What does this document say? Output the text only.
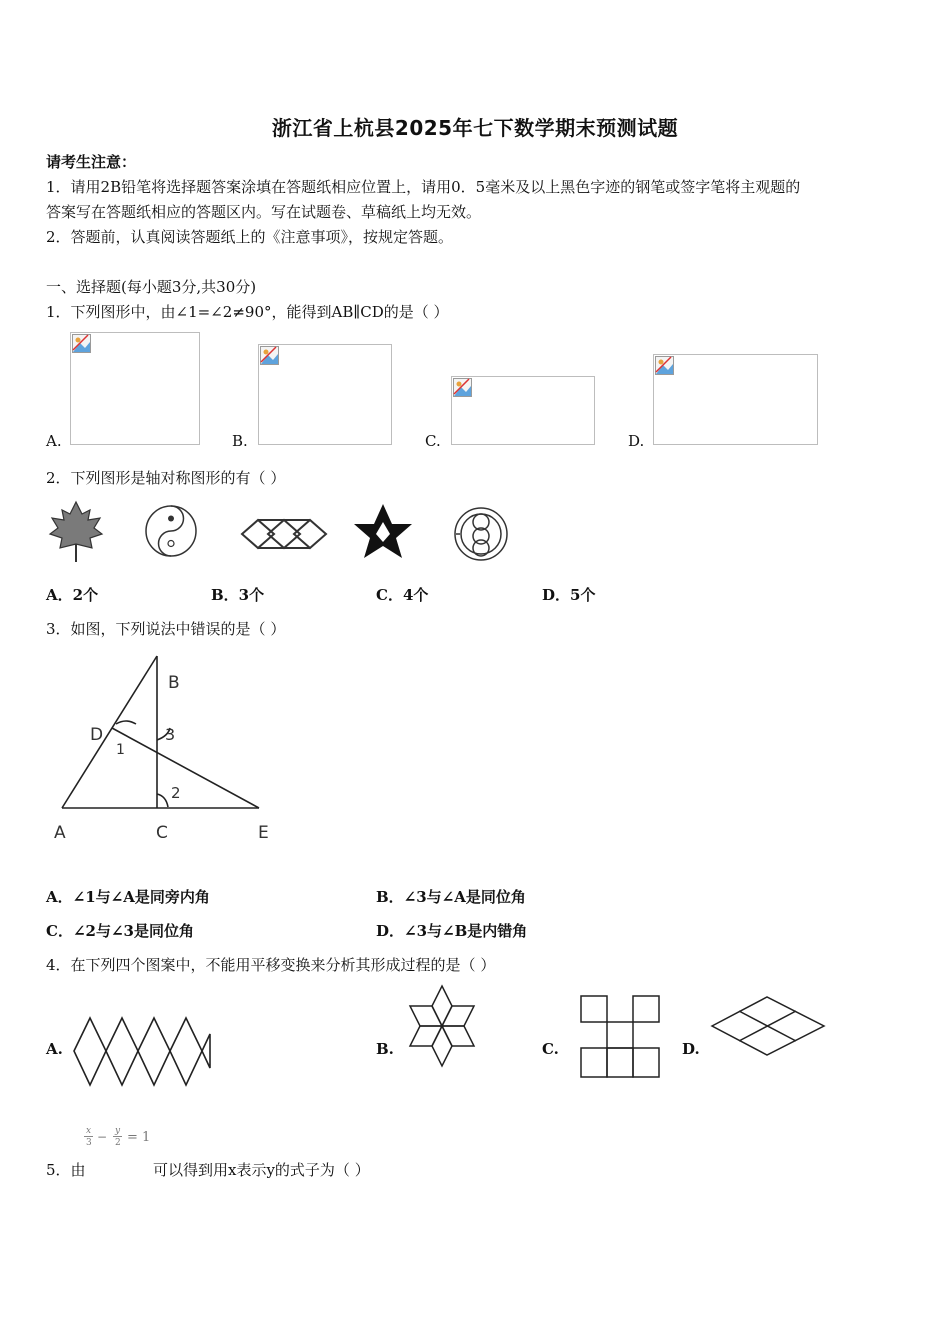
浙江省上杭县2025年七下数学期末预测试题
请考生注意：
1．请用2B铅笔将选择题答案涂填在答题纸相应位置上，请用0．5毫米及以上黑色字迹的钢笔或签字笔将主观题的
答案写在答题纸相应的答题区内。写在试题卷、草稿纸上均无效。
2．答题前，认真阅读答题纸上的《注意事项》，按规定答题。
一、选择题(每小题3分,共30分)
1．下列图形中，由∠1=∠2≠90°，能得到AB∥CD的是（ ）
A.	B.	C.	D.
2．下列图形是轴对称图形的有（ ）
A．2个	B．3个	C．4个	D．5个
3．如图，下列说法中错误的是（ ）
B
D
1
3
2
A	C	E
A．∠1与∠A是同旁内角	B．∠3与∠A是同位角
C．∠2与∠3是同位角	D．∠3与∠B是内错角
4．在下列四个图案中，不能用平移变换来分析其形成过程的是（ ）
A.	B.	C.	D.
x
3 − y
2 = 1
5．由	可以得到用x表示y的式子为（ ）
